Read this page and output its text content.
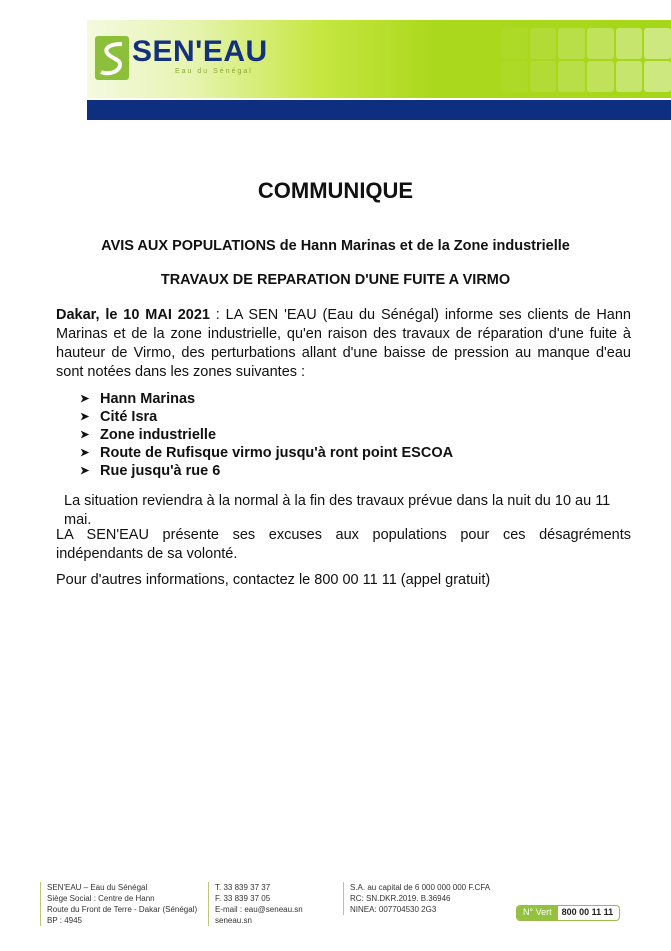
SEN'EAU
Eau du Sénégal
COMMUNIQUE
AVIS AUX POPULATIONS de Hann Marinas et de la Zone industrielle
TRAVAUX DE REPARATION D'UNE FUITE A VIRMO
Dakar, le 10 MAI 2021 : LA SEN 'EAU (Eau du Sénégal) informe ses clients de Hann Marinas et de la zone industrielle, qu'en raison des travaux de réparation d'une fuite à hauteur de Virmo, des perturbations allant d'une baisse de pression au manque d'eau sont notées dans les zones suivantes :
➤ Hann Marinas
➤ Cité Isra
➤ Zone industrielle
➤ Route de Rufisque virmo jusqu'à ront point ESCOA
➤ Rue jusqu'à rue 6
La situation reviendra à la normal à la fin des travaux prévue dans la nuit du 10 au 11 mai.
LA SEN'EAU présente ses excuses aux populations pour ces désagréments indépendants de sa volonté.
Pour d'autres informations, contactez le 800 00 11 11 (appel gratuit)
SEN'EAU – Eau du Sénégal
Siège Social : Centre de Hann
Route du Front de Terre - Dakar (Sénégal)
BP : 4945
T. 33 839 37 37
F. 33 839 37 05
E-mail : eau@seneau.sn
seneau.sn
S.A. au capital de 6 000 000 000 F.CFA
RC: SN.DKR.2019. B.36946
NINEA: 007704530 2G3	N° Vert	800 00 11 11
